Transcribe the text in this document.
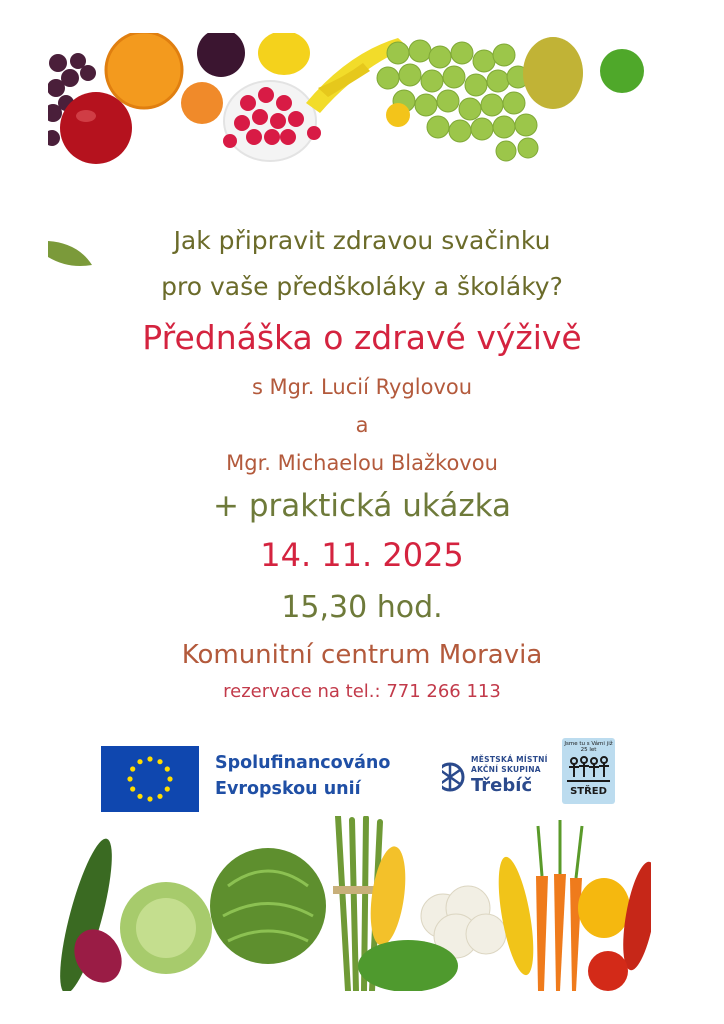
Jak připravit zdravou svačinku
pro vaše předškoláky a školáky?
Přednáška o zdravé výživě
s Mgr. Lucií Ryglovou
a
Mgr. Michaelou Blažkovou
+ praktická ukázka
14. 11. 2025
15,30 hod.
Komunitní centrum Moravia
rezervace na tel.: 771 266 113
Spolufinancováno
Evropskou unií
MĚSTSKÁ MÍSTNÍ
AKČNÍ SKUPINA
Třebíč
Jsme tu s Vámi již
25 let
STŘED
